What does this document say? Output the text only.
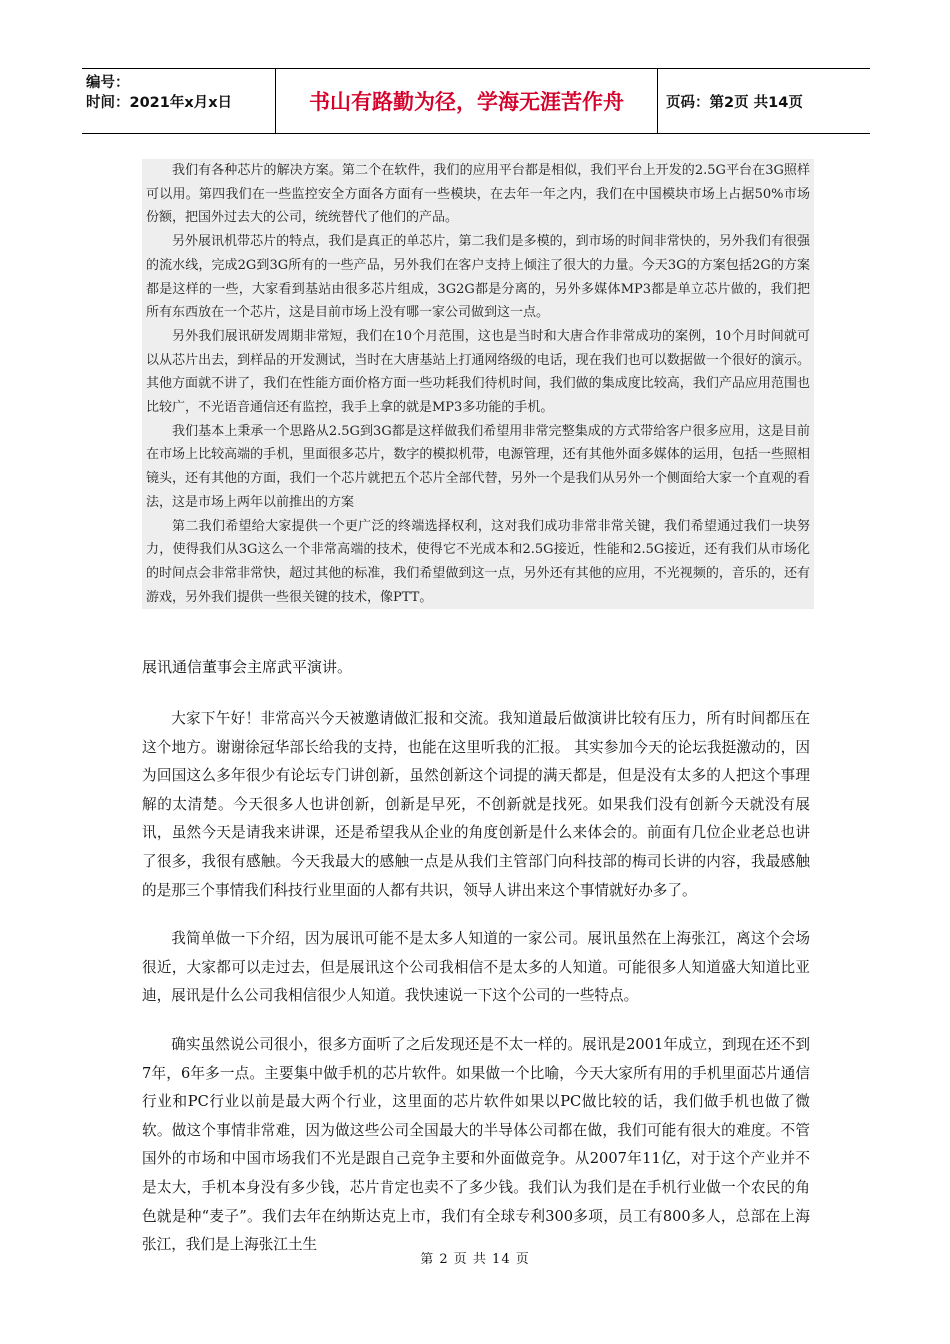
编号：
时间：2021年x月x日	书山有路勤为径，学海无涯苦作舟	页码：第2页 共14页

我们有各种芯片的解决方案。第二个在软件，我们的应用平台都是相似，我们平台上开发的2.5G平台在3G照样可以用。第四我们在一些监控安全方面各方面有一些模块，在去年一年之内，我们在中国模块市场上占据50%市场份额，把国外过去大的公司，统统替代了他们的产品。

另外展讯机带芯片的特点，我们是真正的单芯片，第二我们是多模的，到市场的时间非常快的，另外我们有很强的流水线，完成2G到3G所有的一些产品，另外我们在客户支持上倾注了很大的力量。今天3G的方案包括2G的方案都是这样的一些，大家看到基站由很多芯片组成，3G2G都是分离的，另外多媒体MP3都是单立芯片做的，我们把所有东西放在一个芯片，这是目前市场上没有哪一家公司做到这一点。

另外我们展讯研发周期非常短，我们在10个月范围，这也是当时和大唐合作非常成功的案例，10个月时间就可以从芯片出去，到样品的开发测试，当时在大唐基站上打通网络级的电话，现在我们也可以数据做一个很好的演示。其他方面就不讲了，我们在性能方面价格方面一些功耗我们待机时间，我们做的集成度比较高，我们产品应用范围也比较广，不光语音通信还有监控，我手上拿的就是MP3多功能的手机。

我们基本上秉承一个思路从2.5G到3G都是这样做我们希望用非常完整集成的方式带给客户很多应用，这是目前在市场上比较高端的手机，里面很多芯片，数字的模拟机带，电源管理，还有其他外面多媒体的运用，包括一些照相镜头，还有其他的方面，我们一个芯片就把五个芯片全部代替，另外一个是我们从另外一个侧面给大家一个直观的看法，这是市场上两年以前推出的方案

第二我们希望给大家提供一个更广泛的终端选择权利，这对我们成功非常非常关键，我们希望通过我们一块努力，使得我们从3G这么一个非常高端的技术，使得它不光成本和2.5G接近，性能和2.5G接近，还有我们从市场化的时间点会非常非常快，超过其他的标准，我们希望做到这一点，另外还有其他的应用，不光视频的，音乐的，还有游戏，另外我们提供一些很关键的技术，像PTT。

展讯通信董事会主席武平演讲。

大家下午好！非常高兴今天被邀请做汇报和交流。我知道最后做演讲比较有压力，所有时间都压在这个地方。谢谢徐冠华部长给我的支持，也能在这里听我的汇报。 其实参加今天的论坛我挺激动的，因为回国这么多年很少有论坛专门讲创新，虽然创新这个词提的满天都是，但是没有太多的人把这个事理解的太清楚。今天很多人也讲创新，创新是早死，不创新就是找死。如果我们没有创新今天就没有展讯，虽然今天是请我来讲课，还是希望我从企业的角度创新是什么来体会的。前面有几位企业老总也讲了很多，我很有感触。今天我最大的感触一点是从我们主管部门向科技部的梅司长讲的内容，我最感触的是那三个事情我们科技行业里面的人都有共识，领导人讲出来这个事情就好办多了。

我简单做一下介绍，因为展讯可能不是太多人知道的一家公司。展讯虽然在上海张江，离这个会场很近，大家都可以走过去，但是展讯这个公司我相信不是太多的人知道。可能很多人知道盛大知道比亚迪，展讯是什么公司我相信很少人知道。我快速说一下这个公司的一些特点。

确实虽然说公司很小，很多方面听了之后发现还是不太一样的。展讯是2001年成立，到现在还不到7年，6年多一点。主要集中做手机的芯片软件。如果做一个比喻，今天大家所有用的手机里面芯片通信行业和PC行业以前是最大两个行业，这里面的芯片软件如果以PC做比较的话，我们做手机也做了微软。做这个事情非常难，因为做这些公司全国最大的半导体公司都在做，我们可能有很大的难度。不管国外的市场和中国市场我们不光是跟自己竞争主要和外面做竞争。从2007年11亿，对于这个产业并不是太大，手机本身没有多少钱，芯片肯定也卖不了多少钱。我们认为我们是在手机行业做一个农民的角色就是种“麦子”。我们去年在纳斯达克上市，我们有全球专利300多项，员工有800多人，总部在上海张江，我们是上海张江土生

第 2 页 共 14 页
